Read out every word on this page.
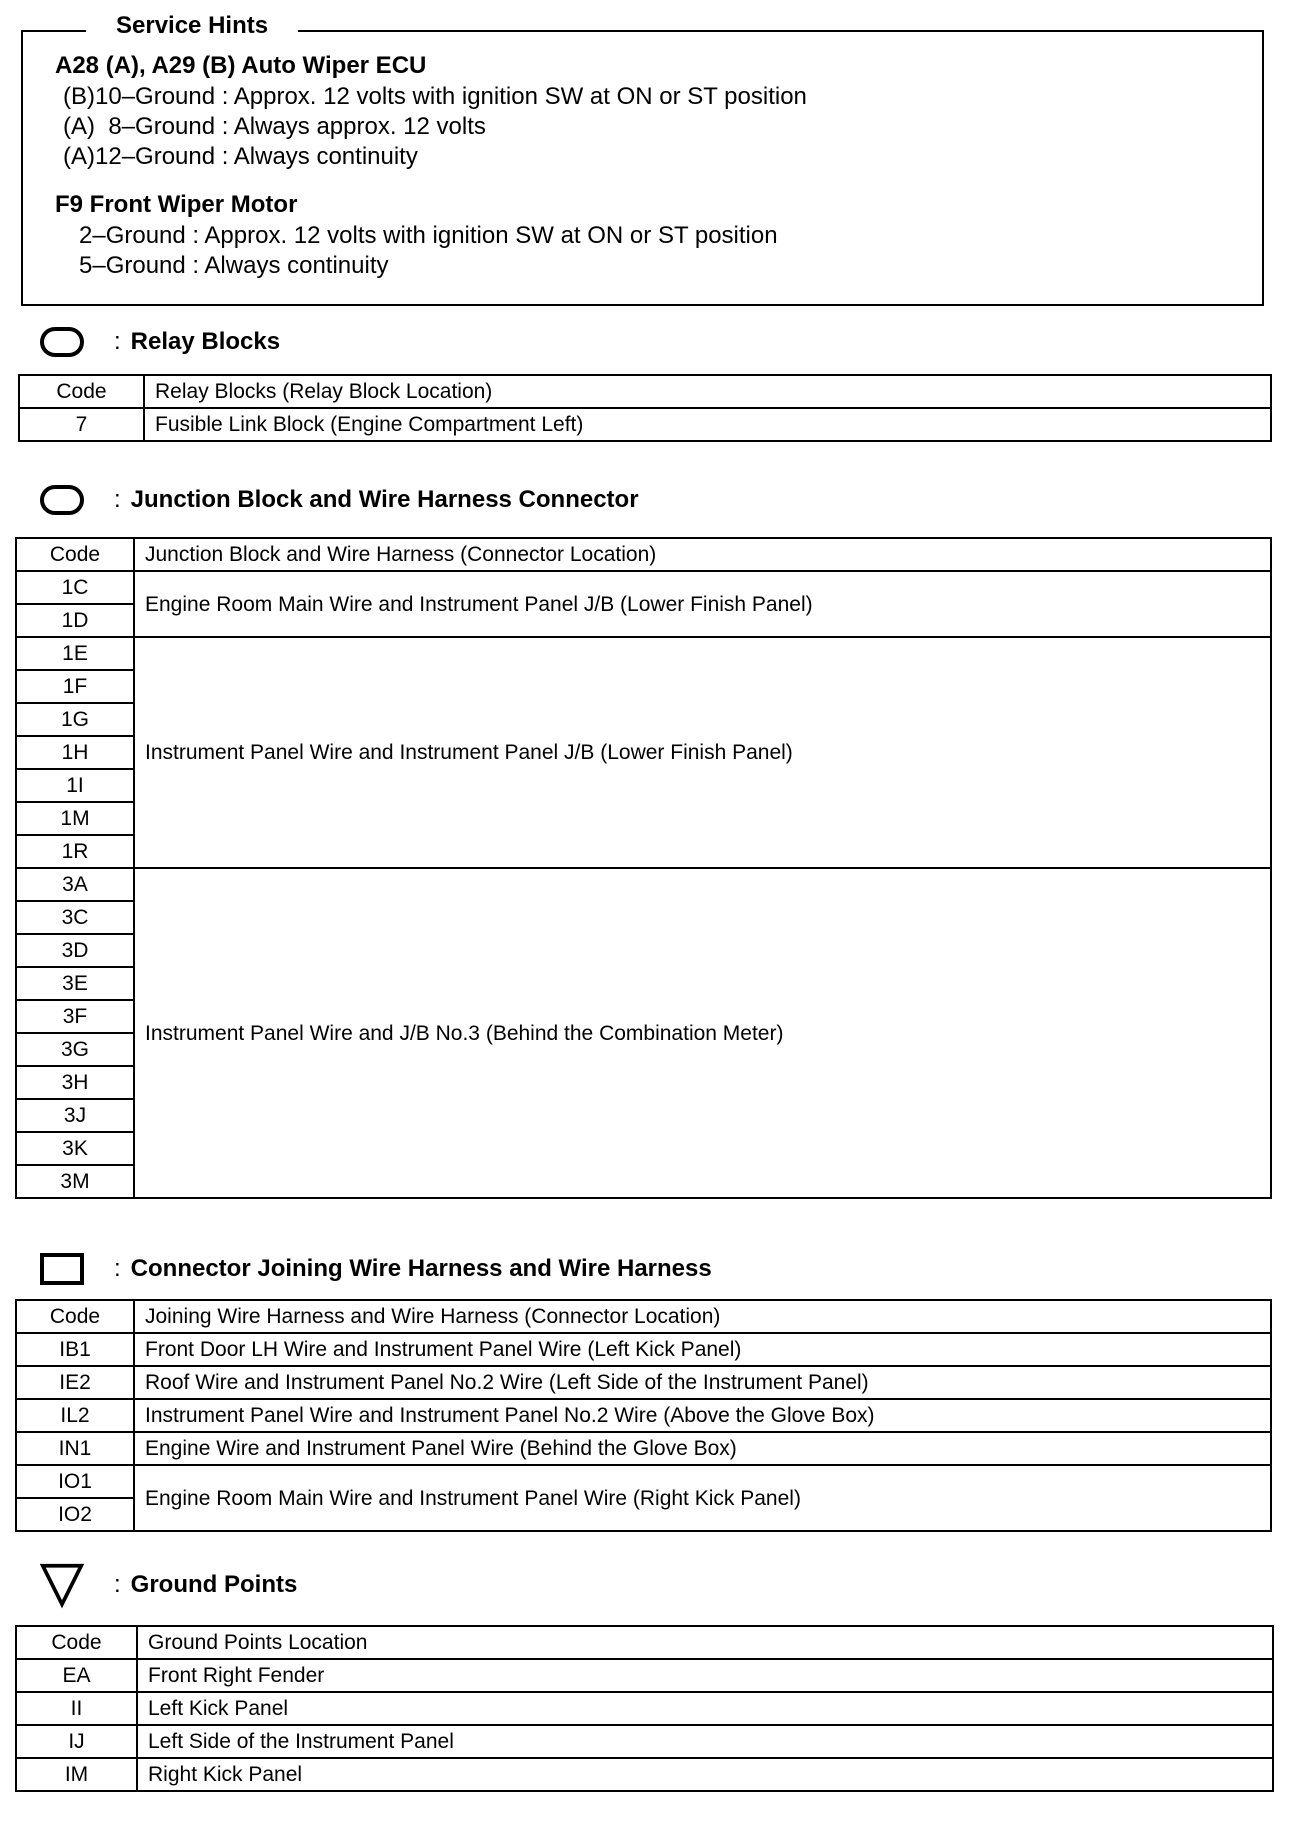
A28 (A), A29 (B) Auto Wiper ECU
(B)10–Ground : Approx. 12 volts with ignition SW at ON or ST position
(A)  8–Ground : Always approx. 12 volts
(A)12–Ground : Always continuity
F9 Front Wiper Motor
2–Ground : Approx. 12 volts with ignition SW at ON or ST position
5–Ground : Always continuity
Service Hints
: Relay Blocks
Code	Relay Blocks (Relay Block Location)
7	Fusible Link Block (Engine Compartment Left)
: Junction Block and Wire Harness Connector
Code	Junction Block and Wire Harness (Connector Location)
1C	Engine Room Main Wire and Instrument Panel J/B (Lower Finish Panel)
1D	
1E	Instrument Panel Wire and Instrument Panel J/B (Lower Finish Panel)
1F	
1G	
1H	
1I	
1M	
1R	
3A	Instrument Panel Wire and J/B No.3 (Behind the Combination Meter)
3C	
3D	
3E	
3F	
3G	
3H	
3J	
3K	
3M	
: Connector Joining Wire Harness and Wire Harness
Code	Joining Wire Harness and Wire Harness (Connector Location)
IB1	Front Door LH Wire and Instrument Panel Wire (Left Kick Panel)
IE2	Roof Wire and Instrument Panel No.2 Wire (Left Side of the Instrument Panel)
IL2	Instrument Panel Wire and Instrument Panel No.2 Wire (Above the Glove Box)
IN1	Engine Wire and Instrument Panel Wire (Behind the Glove Box)
IO1	Engine Room Main Wire and Instrument Panel Wire (Right Kick Panel)
IO2	
: Ground Points
Code	Ground Points Location
EA	Front Right Fender
II	Left Kick Panel
IJ	Left Side of the Instrument Panel
IM	Right Kick Panel
